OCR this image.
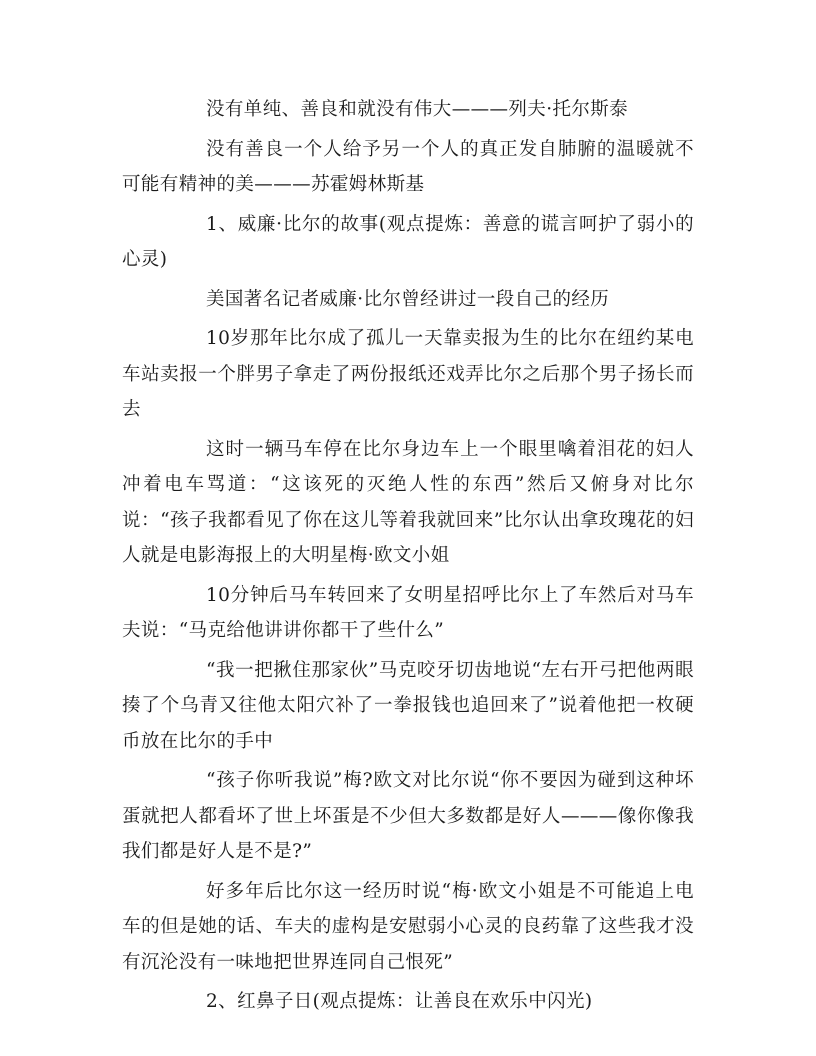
没有单纯、善良和就没有伟大———列夫·托尔斯泰

没有善良一个人给予另一个人的真正发自肺腑的温暖就不可能有精神的美———苏霍姆林斯基

1、威廉·比尔的故事(观点提炼：善意的谎言呵护了弱小的心灵)

美国著名记者威廉·比尔曾经讲过一段自己的经历

10岁那年比尔成了孤儿一天靠卖报为生的比尔在纽约某电车站卖报一个胖男子拿走了两份报纸还戏弄比尔之后那个男子扬长而去

这时一辆马车停在比尔身边车上一个眼里噙着泪花的妇人冲着电车骂道：“这该死的灭绝人性的东西”然后又俯身对比尔说：“孩子我都看见了你在这儿等着我就回来”比尔认出拿玫瑰花的妇人就是电影海报上的大明星梅·欧文小姐

10分钟后马车转回来了女明星招呼比尔上了车然后对马车夫说：“马克给他讲讲你都干了些什么”

“我一把揪住那家伙”马克咬牙切齿地说“左右开弓把他两眼揍了个乌青又往他太阳穴补了一拳报钱也追回来了”说着他把一枚硬币放在比尔的手中

“孩子你听我说”梅?欧文对比尔说“你不要因为碰到这种坏蛋就把人都看坏了世上坏蛋是不少但大多数都是好人———像你像我我们都是好人是不是?”

好多年后比尔这一经历时说“梅·欧文小姐是不可能追上电车的但是她的话、车夫的虚构是安慰弱小心灵的良药靠了这些我才没有沉沦没有一味地把世界连同自己恨死”

2、红鼻子日(观点提炼：让善良在欢乐中闪光)
